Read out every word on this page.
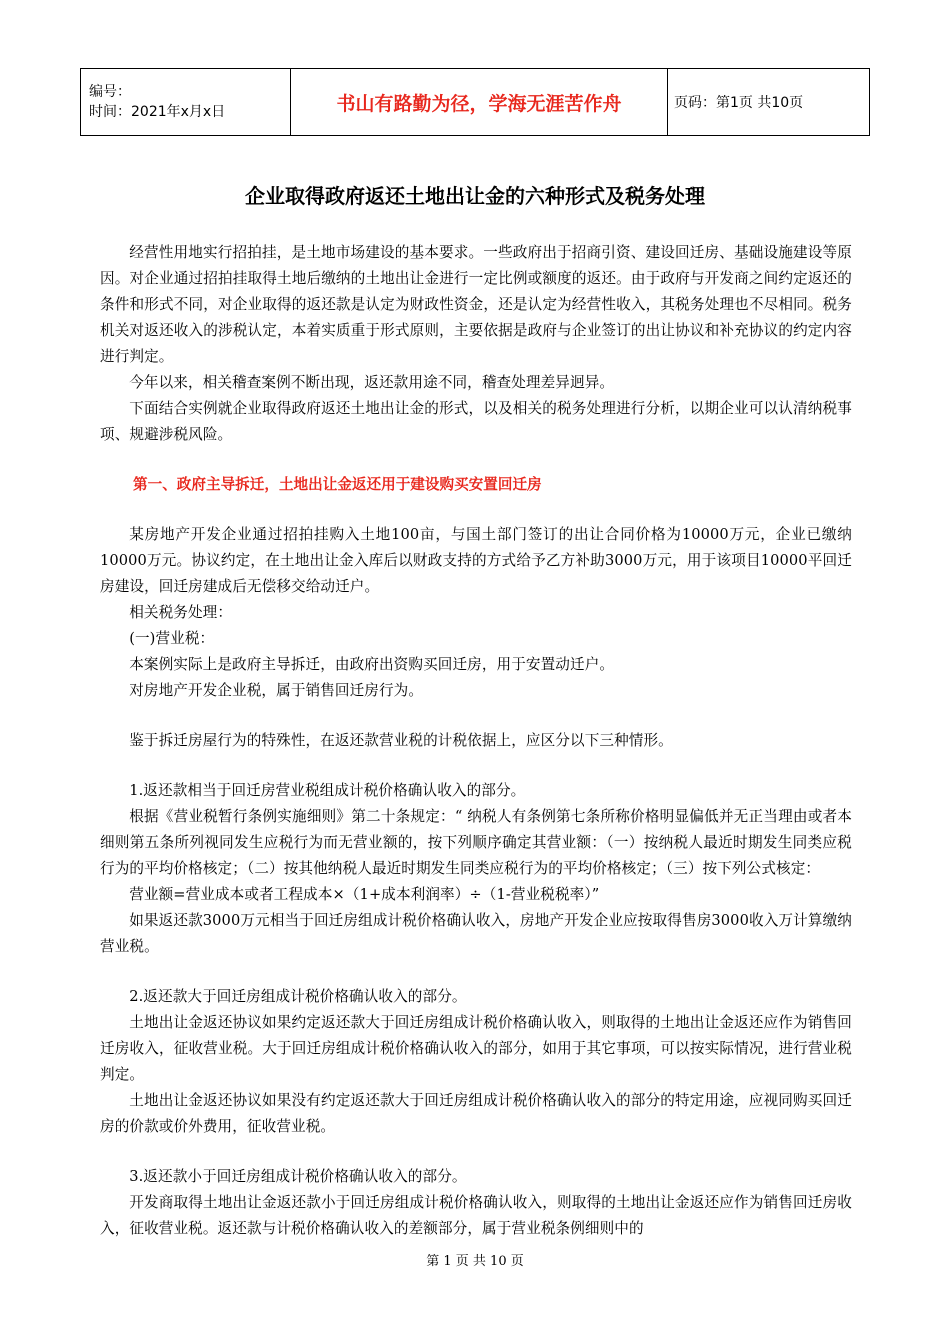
编号：
时间：2021年x月x日	书山有路勤为径，学海无涯苦作舟	页码：第1页 共10页
企业取得政府返还土地出让金的六种形式及税务处理

经营性用地实行招拍挂，是土地市场建设的基本要求。一些政府出于招商引资、建设回迁房、基础设施建设等原因。对企业通过招拍挂取得土地后缴纳的土地出让金进行一定比例或额度的返还。由于政府与开发商之间约定返还的条件和形式不同，对企业取得的返还款是认定为财政性资金，还是认定为经营性收入，其税务处理也不尽相同。税务机关对返还收入的涉税认定，本着实质重于形式原则，主要依据是政府与企业签订的出让协议和补充协议的约定内容进行判定。

今年以来，相关稽查案例不断出现，返还款用途不同，稽查处理差异迥异。

下面结合实例就企业取得政府返还土地出让金的形式，以及相关的税务处理进行分析，以期企业可以认清纳税事项、规避涉税风险。

第一、政府主导拆迁，土地出让金返还用于建设购买安置回迁房

某房地产开发企业通过招拍挂购入土地100亩，与国土部门签订的出让合同价格为10000万元，企业已缴纳10000万元。协议约定，在土地出让金入库后以财政支持的方式给予乙方补助3000万元，用于该项目10000平回迁房建设，回迁房建成后无偿移交给动迁户。

相关税务处理：

(一)营业税：

本案例实际上是政府主导拆迁，由政府出资购买回迁房，用于安置动迁户。

对房地产开发企业税，属于销售回迁房行为。

鉴于拆迁房屋行为的特殊性，在返还款营业税的计税依据上，应区分以下三种情形。

1.返还款相当于回迁房营业税组成计税价格确认收入的部分。

根据《营业税暂行条例实施细则》第二十条规定：“ 纳税人有条例第七条所称价格明显偏低并无正当理由或者本细则第五条所列视同发生应税行为而无营业额的，按下列顺序确定其营业额：（一）按纳税人最近时期发生同类应税行为的平均价格核定；（二）按其他纳税人最近时期发生同类应税行为的平均价格核定；（三）按下列公式核定：

营业额=营业成本或者工程成本×（1+成本利润率）÷（1-营业税税率）”

如果返还款3000万元相当于回迁房组成计税价格确认收入，房地产开发企业应按取得售房3000收入万计算缴纳营业税。

2.返还款大于回迁房组成计税价格确认收入的部分。

土地出让金返还协议如果约定返还款大于回迁房组成计税价格确认收入，则取得的土地出让金返还应作为销售回迁房收入，征收营业税。大于回迁房组成计税价格确认收入的部分，如用于其它事项，可以按实际情况，进行营业税判定。

土地出让金返还协议如果没有约定返还款大于回迁房组成计税价格确认收入的部分的特定用途，应视同购买回迁房的价款或价外费用，征收营业税。

3.返还款小于回迁房组成计税价格确认收入的部分。

开发商取得土地出让金返还款小于回迁房组成计税价格确认收入，则取得的土地出让金返还应作为销售回迁房收入，征收营业税。返还款与计税价格确认收入的差额部分，属于营业税条例细则中的

第 1 页 共 10 页
